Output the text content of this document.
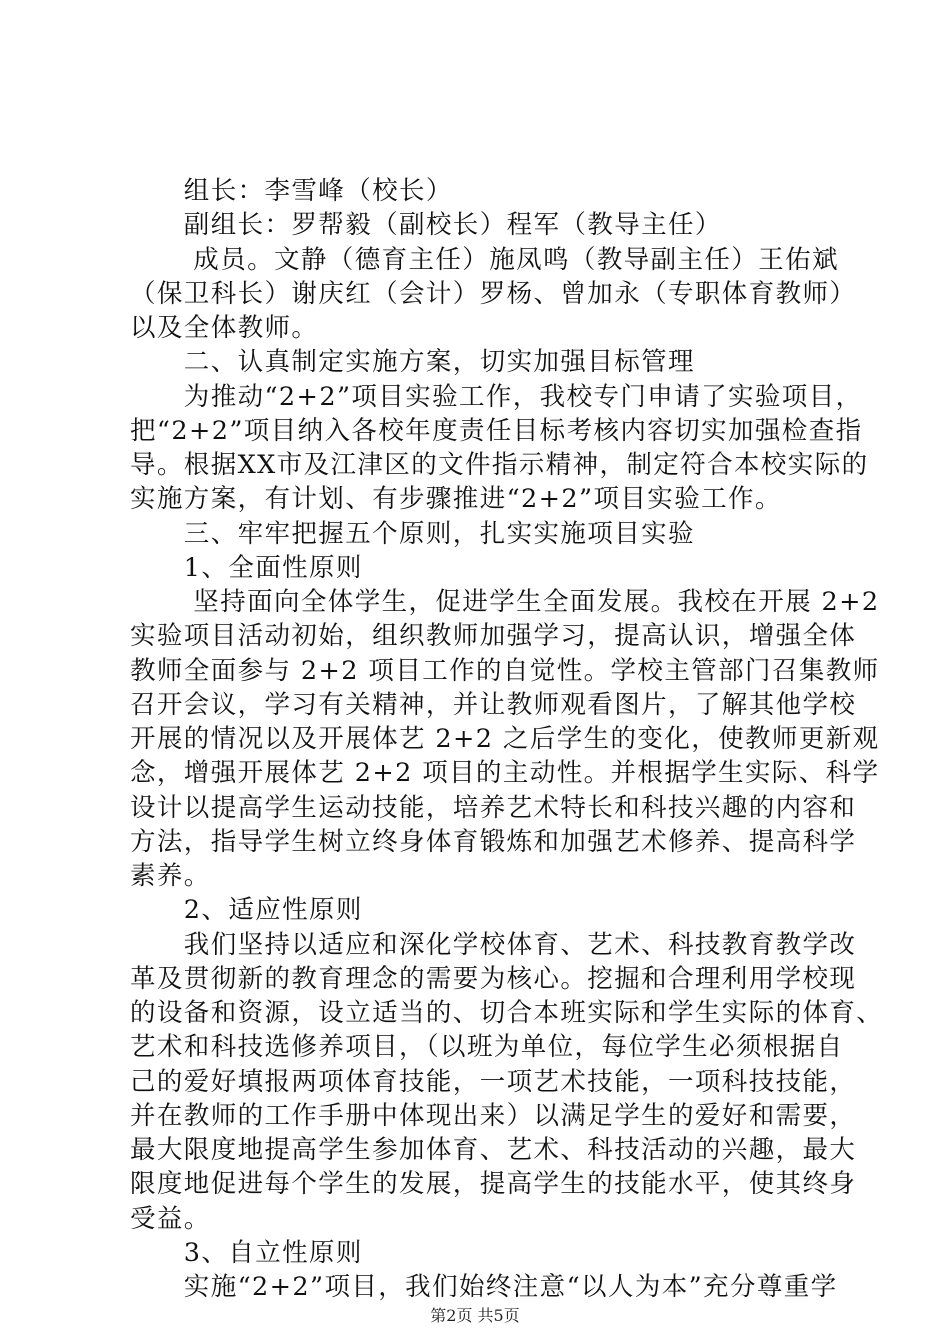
　　组长：李雪峰（校长）
　　副组长：罗帮毅（副校长）程军（教导主任）
　　 成员。文静（德育主任）施凤鸣（教导副主任）王佑斌
（保卫科长）谢庆红（会计）罗杨、曾加永（专职体育教师）
以及全体教师。
　　二、认真制定实施方案，切实加强目标管理
　　为推动“2+2”项目实验工作，我校专门申请了实验项目，
把“2+2”项目纳入各校年度责任目标考核内容切实加强检查指
导。根据XX市及江津区的文件指示精神，制定符合本校实际的
实施方案，有计划、有步骤推进“2+2”项目实验工作。
　　三、牢牢把握五个原则，扎实实施项目实验
　　1、全面性原则
　　 坚持面向全体学生，促进学生全面发展。我校在开展 2+2
实验项目活动初始，组织教师加强学习，提高认识，增强全体
教师全面参与 2+2 项目工作的自觉性。学校主管部门召集教师
召开会议，学习有关精神，并让教师观看图片，了解其他学校
开展的情况以及开展体艺 2+2 之后学生的变化，使教师更新观
念，增强开展体艺 2+2 项目的主动性。并根据学生实际、科学
设计以提高学生运动技能，培养艺术特长和科技兴趣的内容和
方法，指导学生树立终身体育锻炼和加强艺术修养、提高科学
素养。
　　2、适应性原则
　　我们坚持以适应和深化学校体育、艺术、科技教育教学改
革及贯彻新的教育理念的需要为核心。挖掘和合理利用学校现
的设备和资源，设立适当的、切合本班实际和学生实际的体育、
艺术和科技选修养项目，（以班为单位，每位学生必须根据自
己的爱好填报两项体育技能，一项艺术技能，一项科技技能，
并在教师的工作手册中体现出来）以满足学生的爱好和需要，
最大限度地提高学生参加体育、艺术、科技活动的兴趣，最大
限度地促进每个学生的发展，提高学生的技能水平，使其终身
受益。
　　3、自立性原则
　　实施“2+2”项目，我们始终注意“以人为本”充分尊重学
第2页 共5页
